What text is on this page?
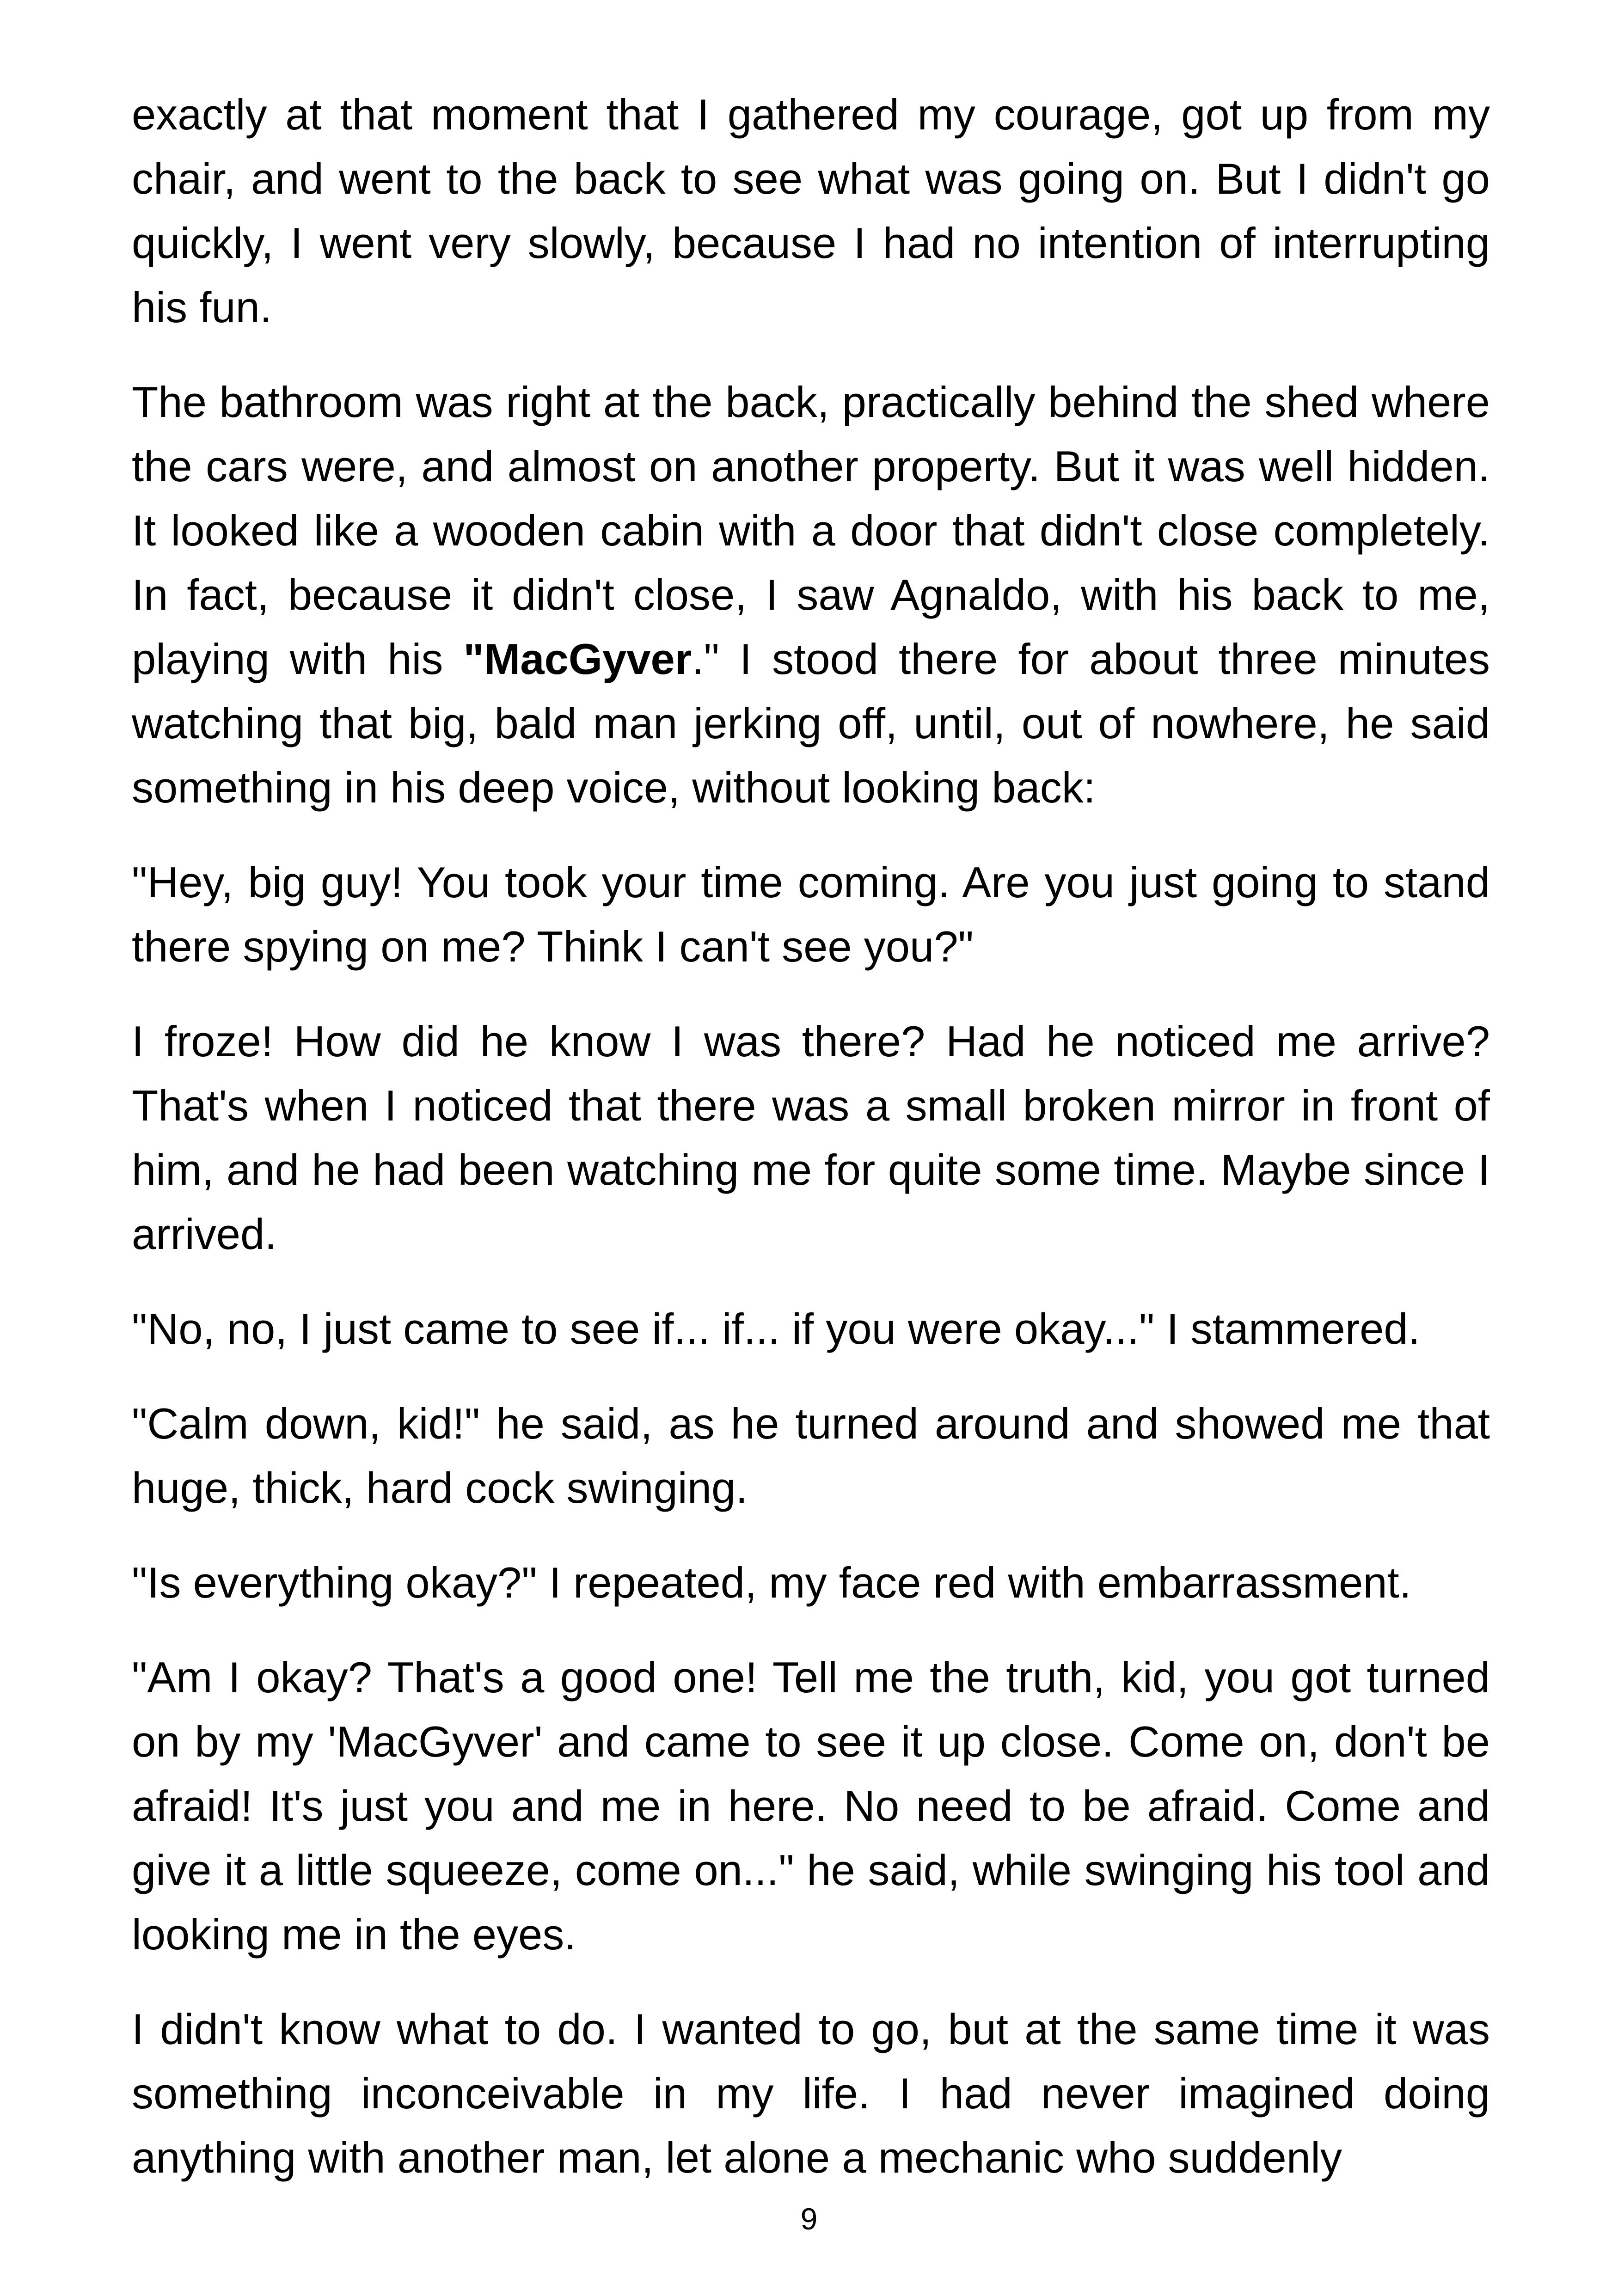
exactly at that moment that I gathered my courage, got up from my chair, and went to the back to see what was going on. But I didn't go quickly, I went very slowly, because I had no intention of interrupting his fun.

The bathroom was right at the back, practically behind the shed where the cars were, and almost on another property. But it was well hidden. It looked like a wooden cabin with a door that didn't close completely. In fact, because it didn't close, I saw Agnaldo, with his back to me, playing with his "MacGyver." I stood there for about three minutes watching that big, bald man jerking off, until, out of nowhere, he said something in his deep voice, without looking back:

"Hey, big guy! You took your time coming. Are you just going to stand there spying on me? Think I can't see you?"

I froze! How did he know I was there? Had he noticed me arrive? That's when I noticed that there was a small broken mirror in front of him, and he had been watching me for quite some time. Maybe since I arrived.

"No, no, I just came to see if... if... if you were okay..." I stammered.

"Calm down, kid!" he said, as he turned around and showed me that huge, thick, hard cock swinging.

"Is everything okay?" I repeated, my face red with embarrassment.

"Am I okay? That's a good one! Tell me the truth, kid, you got turned on by my 'MacGyver' and came to see it up close. Come on, don't be afraid! It's just you and me in here. No need to be afraid. Come and give it a little squeeze, come on..." he said, while swinging his tool and looking me in the eyes.

I didn't know what to do. I wanted to go, but at the same time it was something inconceivable in my life. I had never imagined doing anything with another man, let alone a mechanic who suddenly

9
